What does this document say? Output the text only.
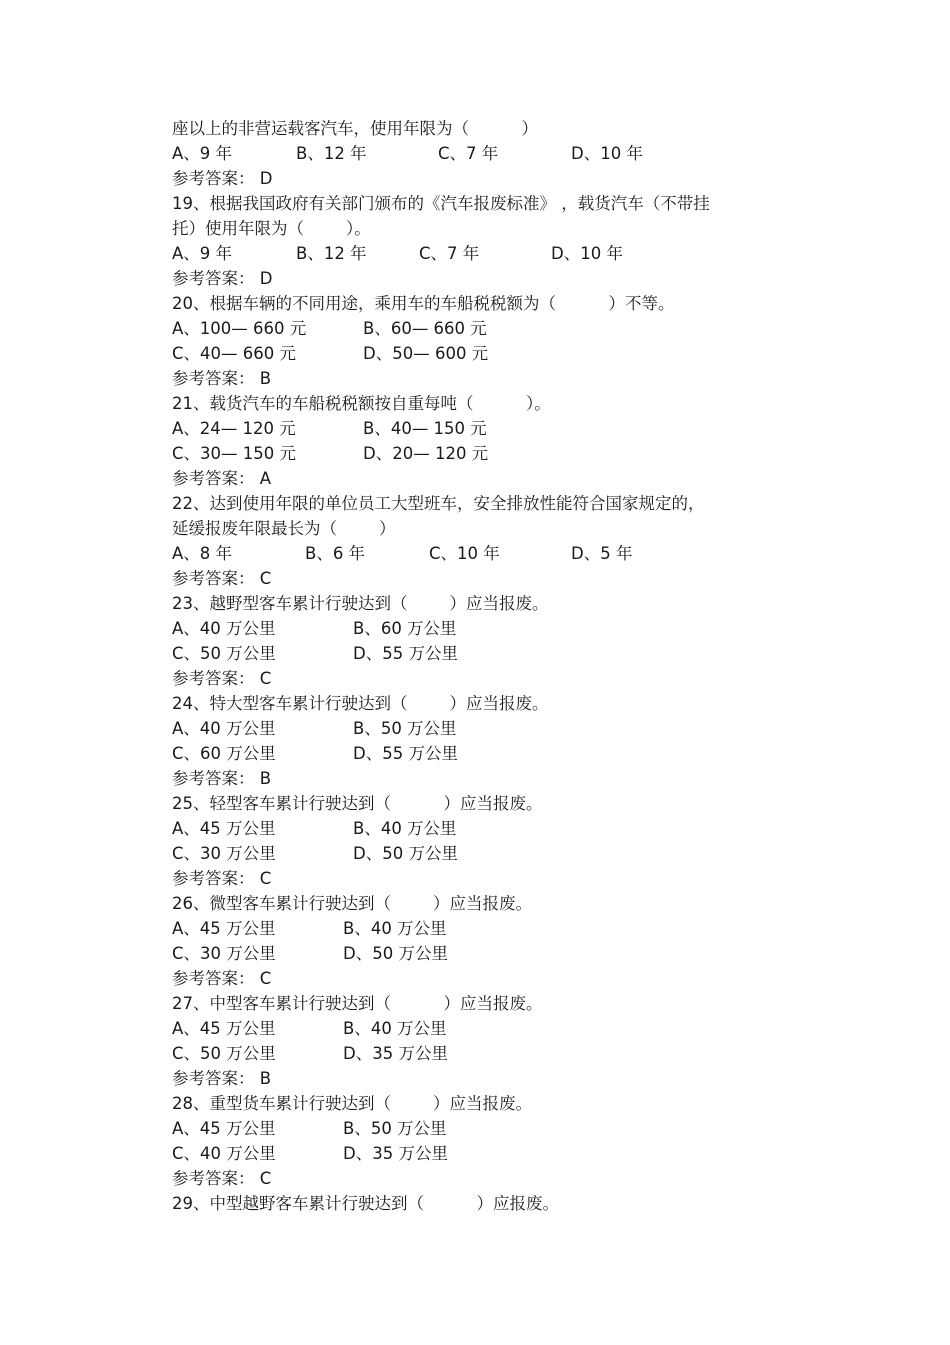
座以上的非营运载客汽车，使用年限为（          ）

A、9 年

	B、12 年

	C、7 年

	D、10 年

参考答案： D
19、根据我国政府有关部门颁布的《汽车报废标准》 ，载货汽车（不带挂
托）使用年限为（        ）。

A、9 年

	B、12 年

	C、7 年

	D、10 年

参考答案： D
20、根据车辆的不同用途，乘用车的车船税税额为（          ）不等。

A、100— 660 元

	B、60— 660 元

C、40— 660 元

	D、50— 600 元

参考答案： B
21、载货汽车的车船税税额按自重每吨（          ）。

A、24— 120 元

	B、40— 150 元

C、30— 150 元

	D、20— 120 元

参考答案： A
22、达到使用年限的单位员工大型班车，安全排放性能符合国家规定的，
延缓报废年限最长为（        ）

A、8 年

	B、6 年

	C、10 年

	D、5 年

参考答案： C
23、越野型客车累计行驶达到（        ）应当报废。

A、40 万公里

	B、60 万公里

C、50 万公里

	D、55 万公里

参考答案： C
24、特大型客车累计行驶达到（        ）应当报废。

A、40 万公里

	B、50 万公里

C、60 万公里

	D、55 万公里

参考答案： B
25、轻型客车累计行驶达到（          ）应当报废。

A、45 万公里

	B、40 万公里

C、30 万公里

	D、50 万公里

参考答案： C
26、微型客车累计行驶达到（        ）应当报废。

A、45 万公里

	B、40 万公里

C、30 万公里

	D、50 万公里

参考答案： C
27、中型客车累计行驶达到（          ）应当报废。

A、45 万公里

	B、40 万公里

C、50 万公里

	D、35 万公里

参考答案： B
28、重型货车累计行驶达到（        ）应当报废。

A、45 万公里

	B、50 万公里

C、40 万公里

	D、35 万公里

参考答案： C
29、中型越野客车累计行驶达到（          ）应报废。
